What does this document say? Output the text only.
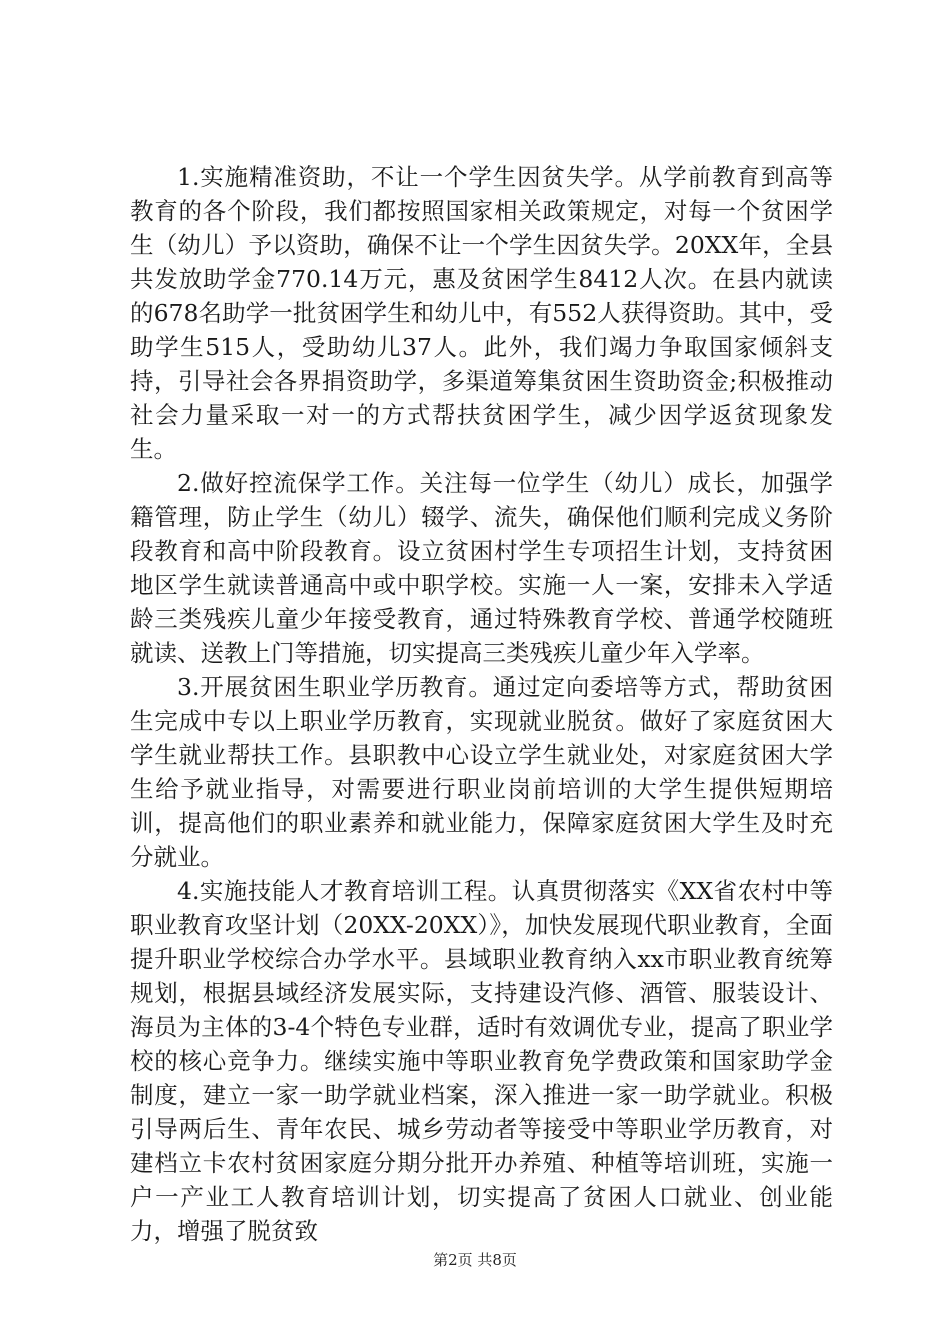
1.实施精准资助，不让一个学生因贫失学。从学前教育到高等教育的各个阶段，我们都按照国家相关政策规定，对每一个贫困学生（幼儿）予以资助，确保不让一个学生因贫失学。20XX年，全县共发放助学金770.14万元，惠及贫困学生8412人次。在县内就读的678名助学一批贫困学生和幼儿中，有552人获得资助。其中，受助学生515人，受助幼儿37人。此外，我们竭力争取国家倾斜支持，引导社会各界捐资助学，多渠道筹集贫困生资助资金;积极推动社会力量采取一对一的方式帮扶贫困学生，减少因学返贫现象发生。

2.做好控流保学工作。关注每一位学生（幼儿）成长，加强学籍管理，防止学生（幼儿）辍学、流失，确保他们顺利完成义务阶段教育和高中阶段教育。设立贫困村学生专项招生计划，支持贫困地区学生就读普通高中或中职学校。实施一人一案，安排未入学适龄三类残疾儿童少年接受教育，通过特殊教育学校、普通学校随班就读、送教上门等措施，切实提高三类残疾儿童少年入学率。

3.开展贫困生职业学历教育。通过定向委培等方式，帮助贫困生完成中专以上职业学历教育，实现就业脱贫。做好了家庭贫困大学生就业帮扶工作。县职教中心设立学生就业处，对家庭贫困大学生给予就业指导，对需要进行职业岗前培训的大学生提供短期培训，提高他们的职业素养和就业能力，保障家庭贫困大学生及时充分就业。

4.实施技能人才教育培训工程。认真贯彻落实《XX省农村中等职业教育攻坚计划（20XX-20XX）》，加快发展现代职业教育，全面提升职业学校综合办学水平。县域职业教育纳入xx市职业教育统筹规划，根据县域经济发展实际，支持建设汽修、酒管、服装设计、海员为主体的3-4个特色专业群，适时有效调优专业，提高了职业学校的核心竞争力。继续实施中等职业教育免学费政策和国家助学金制度，建立一家一助学就业档案，深入推进一家一助学就业。积极引导两后生、青年农民、城乡劳动者等接受中等职业学历教育，对建档立卡农村贫困家庭分期分批开办养殖、种植等培训班，实施一户一产业工人教育培训计划，切实提高了贫困人口就业、创业能力，增强了脱贫致

第2页 共8页
